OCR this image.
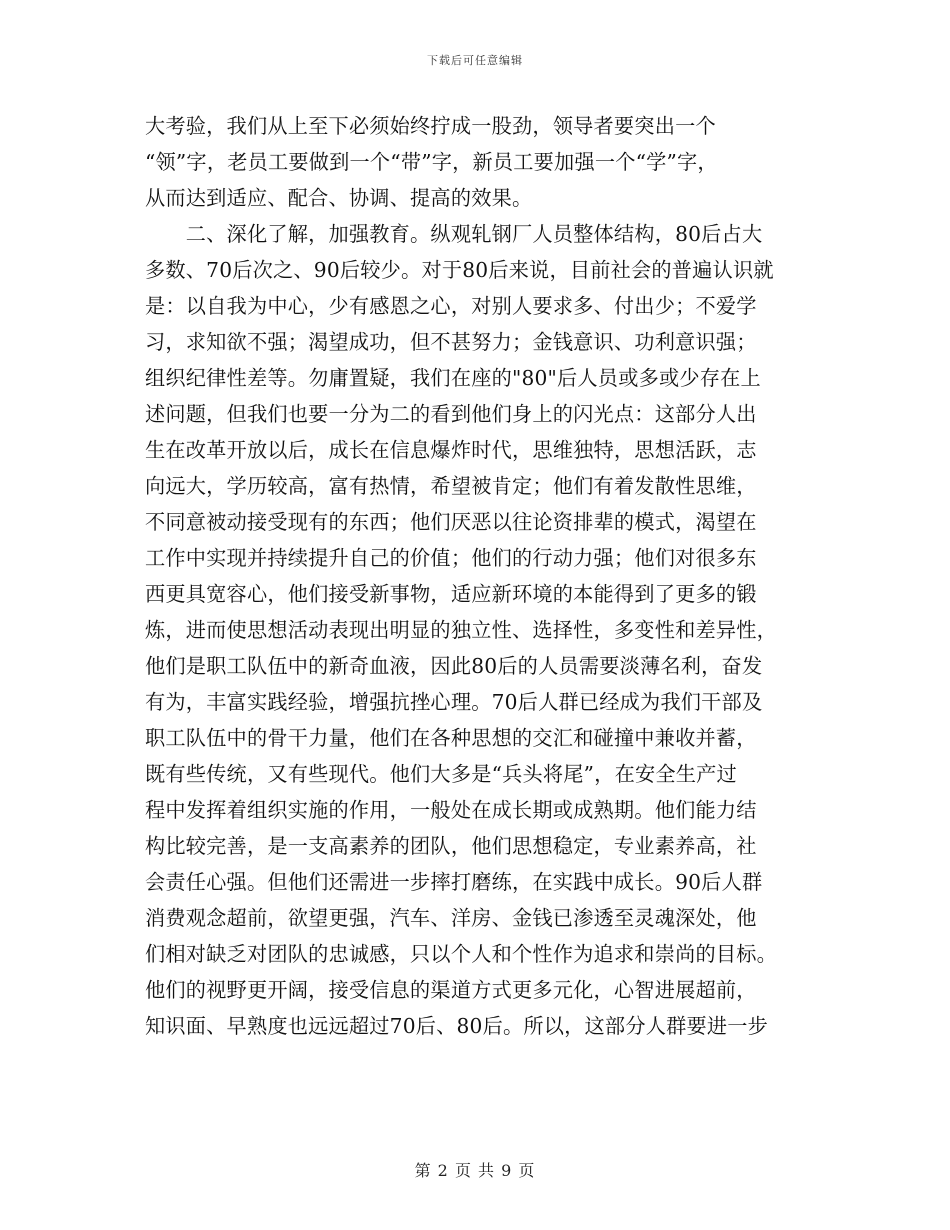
下载后可任意编辑
大考验，我们从上至下必须始终拧成一股劲，领导者要突出一个
“领”字，老员工要做到一个“带”字，新员工要加强一个“学”字，
从而达到适应、配合、协调、提高的效果。
　　二、深化了解，加强教育。纵观轧钢厂人员整体结构，80后占大
多数、70后次之、90后较少。对于80后来说，目前社会的普遍认识就
是：以自我为中心，少有感恩之心，对别人要求多、付出少；不爱学
习，求知欲不强；渴望成功，但不甚努力；金钱意识、功利意识强；
组织纪律性差等。勿庸置疑，我们在座的"80"后人员或多或少存在上
述问题，但我们也要一分为二的看到他们身上的闪光点：这部分人出
生在改革开放以后，成长在信息爆炸时代，思维独特，思想活跃，志
向远大，学历较高，富有热情，希望被肯定；他们有着发散性思维，
不同意被动接受现有的东西；他们厌恶以往论资排辈的模式，渴望在
工作中实现并持续提升自己的价值；他们的行动力强；他们对很多东
西更具宽容心，他们接受新事物，适应新环境的本能得到了更多的锻
炼，进而使思想活动表现出明显的独立性、选择性，多变性和差异性，
他们是职工队伍中的新奇血液，因此80后的人员需要淡薄名利，奋发
有为，丰富实践经验，增强抗挫心理。70后人群已经成为我们干部及
职工队伍中的骨干力量，他们在各种思想的交汇和碰撞中兼收并蓄，
既有些传统，又有些现代。他们大多是“兵头将尾”，在安全生产过
程中发挥着组织实施的作用，一般处在成长期或成熟期。他们能力结
构比较完善，是一支高素养的团队，他们思想稳定，专业素养高，社
会责任心强。但他们还需进一步摔打磨练，在实践中成长。90后人群
消费观念超前，欲望更强，汽车、洋房、金钱已渗透至灵魂深处，他
们相对缺乏对团队的忠诚感，只以个人和个性作为追求和崇尚的目标。
他们的视野更开阔，接受信息的渠道方式更多元化，心智进展超前，
知识面、早熟度也远远超过70后、80后。所以，这部分人群要进一步
第 2 页 共 9 页
